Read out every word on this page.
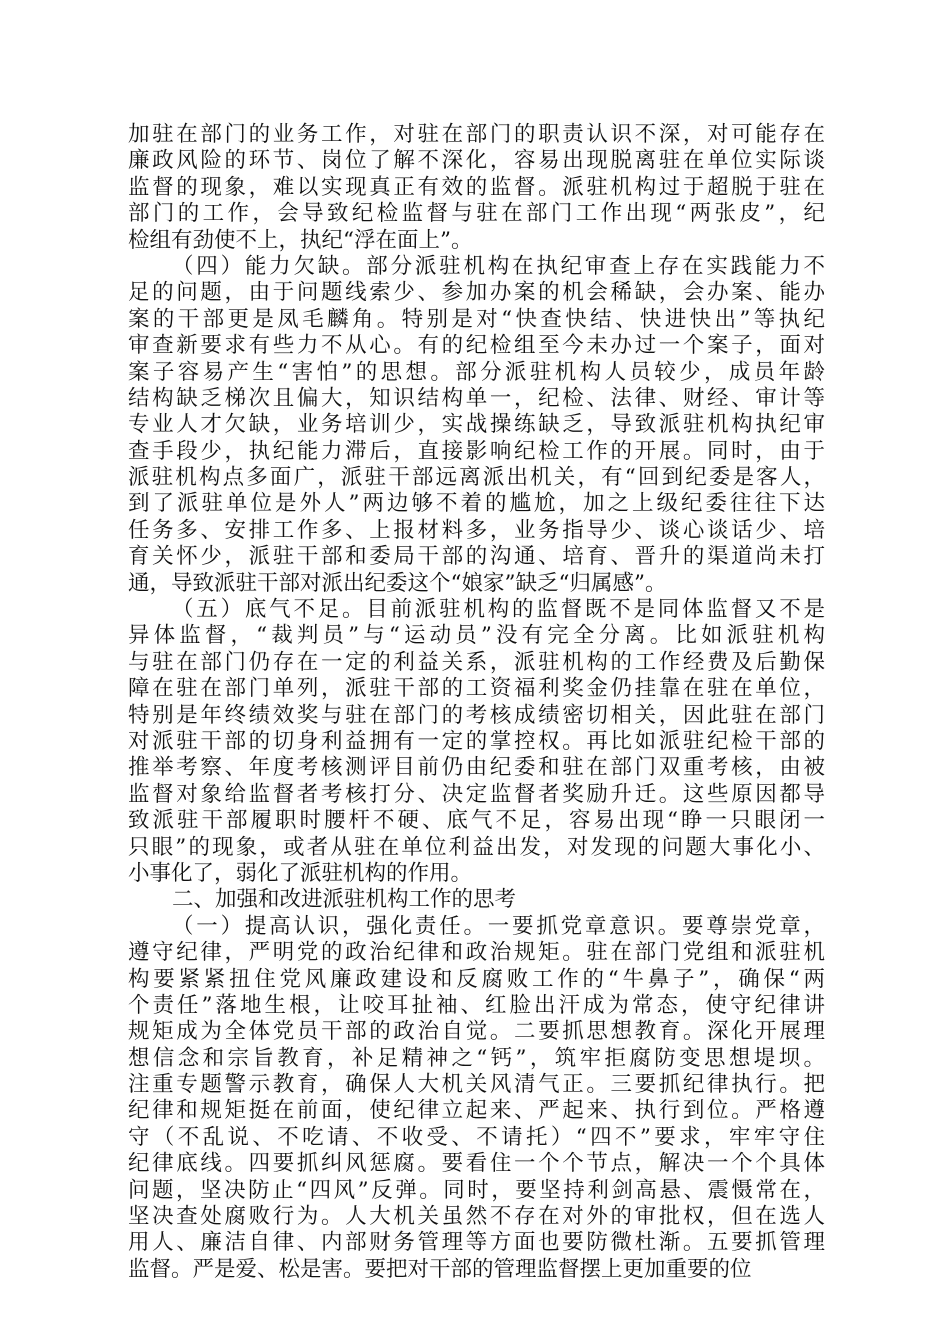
加驻在部门的业务工作，对驻在部门的职责认识不深，对可能存在
廉政风险的环节、岗位了解不深化，容易出现脱离驻在单位实际谈
监督的现象，难以实现真正有效的监督。派驻机构过于超脱于驻在
部门的工作，会导致纪检监督与驻在部门工作出现“两张皮”，纪
检组有劲使不上，执纪“浮在面上”。
（四）能力欠缺。部分派驻机构在执纪审查上存在实践能力不
足的问题，由于问题线索少、参加办案的机会稀缺，会办案、能办
案的干部更是凤毛麟角。特别是对“快查快结、快进快出”等执纪
审查新要求有些力不从心。有的纪检组至今未办过一个案子，面对
案子容易产生“害怕”的思想。部分派驻机构人员较少，成员年龄
结构缺乏梯次且偏大，知识结构单一，纪检、法律、财经、审计等
专业人才欠缺，业务培训少，实战操练缺乏，导致派驻机构执纪审
查手段少，执纪能力滞后，直接影响纪检工作的开展。同时，由于
派驻机构点多面广，派驻干部远离派出机关，有“回到纪委是客人，
到了派驻单位是外人”两边够不着的尴尬，加之上级纪委往往下达
任务多、安排工作多、上报材料多，业务指导少、谈心谈话少、培
育关怀少，派驻干部和委局干部的沟通、培育、晋升的渠道尚未打
通，导致派驻干部对派出纪委这个“娘家”缺乏“归属感”。
（五）底气不足。目前派驻机构的监督既不是同体监督又不是
异体监督，“裁判员”与“运动员”没有完全分离。比如派驻机构
与驻在部门仍存在一定的利益关系，派驻机构的工作经费及后勤保
障在驻在部门单列，派驻干部的工资福利奖金仍挂靠在驻在单位，
特别是年终绩效奖与驻在部门的考核成绩密切相关，因此驻在部门
对派驻干部的切身利益拥有一定的掌控权。再比如派驻纪检干部的
推举考察、年度考核测评目前仍由纪委和驻在部门双重考核，由被
监督对象给监督者考核打分、决定监督者奖励升迁。这些原因都导
致派驻干部履职时腰杆不硬、底气不足，容易出现“睁一只眼闭一
只眼”的现象，或者从驻在单位利益出发，对发现的问题大事化小、
小事化了，弱化了派驻机构的作用。
二、加强和改进派驻机构工作的思考
（一）提高认识，强化责任。一要抓党章意识。要尊崇党章，
遵守纪律，严明党的政治纪律和政治规矩。驻在部门党组和派驻机
构要紧紧扭住党风廉政建设和反腐败工作的“牛鼻子”，确保“两
个责任”落地生根，让咬耳扯袖、红脸出汗成为常态，使守纪律讲
规矩成为全体党员干部的政治自觉。二要抓思想教育。深化开展理
想信念和宗旨教育，补足精神之“钙”，筑牢拒腐防变思想堤坝。
注重专题警示教育，确保人大机关风清气正。三要抓纪律执行。把
纪律和规矩挺在前面，使纪律立起来、严起来、执行到位。严格遵
守（不乱说、不吃请、不收受、不请托）“四不”要求，牢牢守住
纪律底线。四要抓纠风惩腐。要看住一个个节点，解决一个个具体
问题，坚决防止“四风”反弹。同时，要坚持利剑高悬、震慑常在，
坚决查处腐败行为。人大机关虽然不存在对外的审批权，但在选人
用人、廉洁自律、内部财务管理等方面也要防微杜渐。五要抓管理
监督。严是爱、松是害。要把对干部的管理监督摆上更加重要的位
